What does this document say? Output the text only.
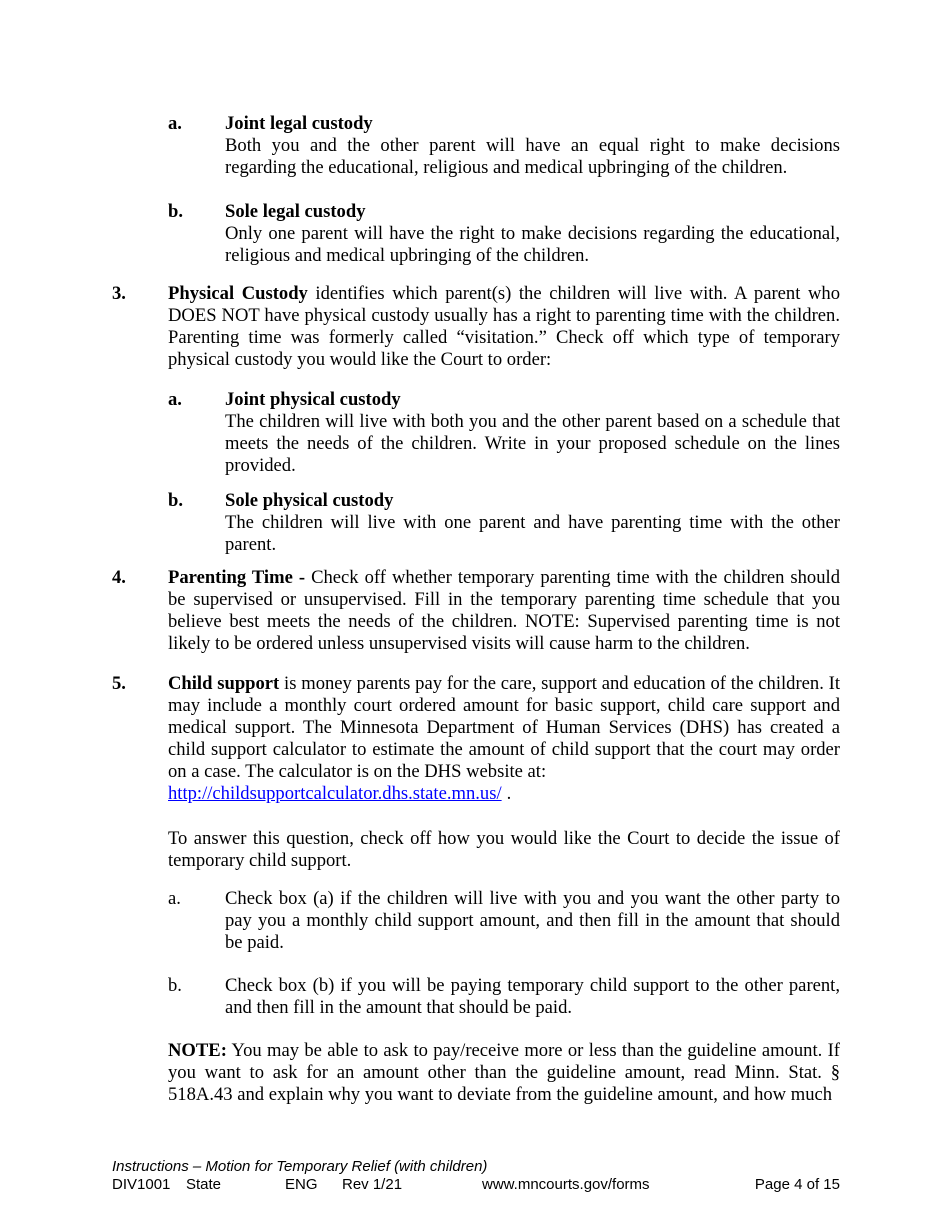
a.	Joint legal custody

Both you and the other parent will have an equal right to make decisions regarding the educational, religious and medical upbringing of the children.

b.	Sole legal custody

Only one parent will have the right to make decisions regarding the educational, religious and medical upbringing of the children.

3.	Physical Custody identifies which parent(s) the children will live with. A parent who DOES NOT have physical custody usually has a right to parenting time with the children. Parenting time was formerly called “visitation.” Check off which type of temporary physical custody you would like the Court to order:

a.	Joint physical custody

The children will live with both you and the other parent based on a schedule that meets the needs of the children. Write in your proposed schedule on the lines provided.

b.	Sole physical custody

The children will live with one parent and have parenting time with the other parent.

4.	Parenting Time - Check off whether temporary parenting time with the children should be supervised or unsupervised. Fill in the temporary parenting time schedule that you believe best meets the needs of the children. NOTE: Supervised parenting time is not likely to be ordered unless unsupervised visits will cause harm to the children.

5.	Child support is money parents pay for the care, support and education of the children. It may include a monthly court ordered amount for basic support, child care support and medical support. The Minnesota Department of Human Services (DHS) has created a child support calculator to estimate the amount of child support that the court may order on a case. The calculator is on the DHS website at:
http://childsupportcalculator.dhs.state.mn.us/ .

To answer this question, check off how you would like the Court to decide the issue of temporary child support.

a.	Check box (a) if the children will live with you and you want the other party to pay you a monthly child support amount, and then fill in the amount that should be paid.

b.	Check box (b) if you will be paying temporary child support to the other parent, and then fill in the amount that should be paid.

NOTE: You may be able to ask to pay/receive more or less than the guideline amount. If you want to ask for an amount other than the guideline amount, read Minn. Stat. § 518A.43 and explain why you want to deviate from the guideline amount, and how much

Instructions – Motion for Temporary Relief (with children)
DIV1001 State	ENG Rev 1/21	www.mncourts.gov/forms	Page 4 of 15
